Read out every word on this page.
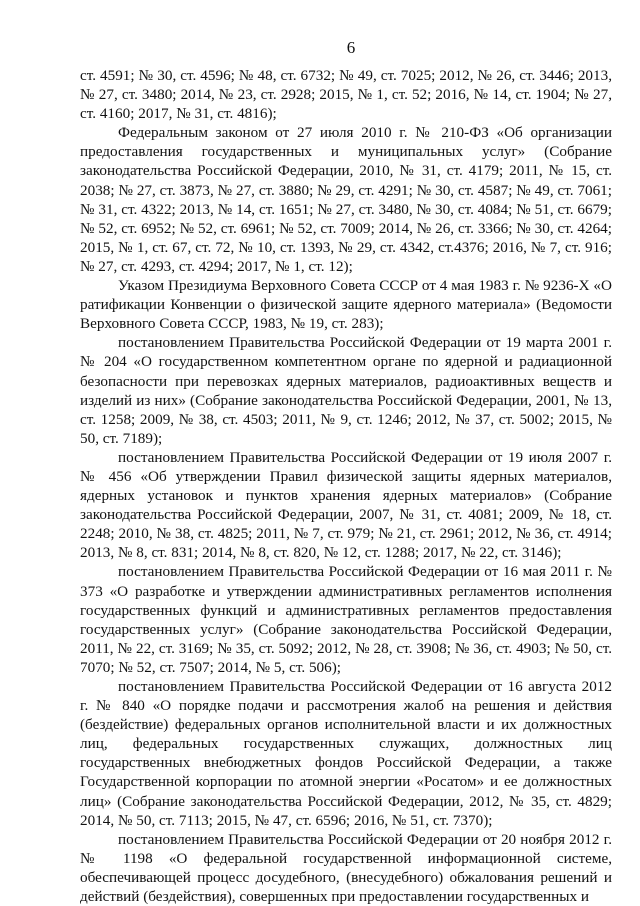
6

ст. 4591; № 30, ст. 4596; № 48, ст. 6732; № 49, ст. 7025; 2012, № 26, ст. 3446; 2013, № 27, ст. 3480; 2014, № 23, ст. 2928; 2015, № 1, ст. 52; 2016, № 14, ст. 1904; № 27, ст. 4160; 2017, № 31, ст. 4816);

Федеральным законом от 27 июля 2010 г. № 210-ФЗ «Об организации предоставления государственных и муниципальных услуг» (Собрание законодательства Российской Федерации, 2010, № 31, ст. 4179; 2011, № 15, ст. 2038; № 27, ст. 3873, № 27, ст. 3880; № 29, ст. 4291; № 30, ст. 4587; № 49, ст. 7061; № 31, ст. 4322; 2013, № 14, ст. 1651; № 27, ст. 3480, № 30, ст. 4084; № 51, ст. 6679; № 52, ст. 6952; № 52, ст. 6961; № 52, ст. 7009; 2014, № 26, ст. 3366; № 30, ст. 4264; 2015, № 1, ст. 67, ст. 72, № 10, ст. 1393, № 29, ст. 4342, ст.4376; 2016, № 7, ст. 916; № 27, ст. 4293, ст. 4294; 2017, № 1, ст. 12);

Указом Президиума Верховного Совета СССР от 4 мая 1983 г. № 9236-X «О ратификации Конвенции о физической защите ядерного материала» (Ведомости Верховного Совета СССР, 1983, № 19, ст. 283);

постановлением Правительства Российской Федерации от 19 марта 2001 г. № 204 «О государственном компетентном органе по ядерной и радиационной безопасности при перевозках ядерных материалов, радиоактивных веществ и изделий из них» (Собрание законодательства Российской Федерации, 2001, № 13, ст. 1258; 2009, № 38, ст. 4503; 2011, № 9, ст. 1246; 2012, № 37, ст. 5002; 2015, № 50, ст. 7189);

постановлением Правительства Российской Федерации от 19 июля 2007 г. № 456 «Об утверждении Правил физической защиты ядерных материалов, ядерных установок и пунктов хранения ядерных материалов» (Собрание законодательства Российской Федерации, 2007, № 31, ст. 4081; 2009, № 18, ст. 2248; 2010, № 38, ст. 4825; 2011, № 7, ст. 979; № 21, ст. 2961; 2012, № 36, ст. 4914; 2013, № 8, ст. 831; 2014, № 8, ст. 820, № 12, ст. 1288; 2017, № 22, ст. 3146);

постановлением Правительства Российской Федерации от 16 мая 2011 г. № 373 «О разработке и утверждении административных регламентов исполнения государственных функций и административных регламентов предоставления государственных услуг» (Собрание законодательства Российской Федерации, 2011, № 22, ст. 3169; № 35, ст. 5092; 2012, № 28, ст. 3908; № 36, ст. 4903; № 50, ст. 7070; № 52, ст. 7507; 2014, № 5, ст. 506);

постановлением Правительства Российской Федерации от 16 августа 2012 г. № 840 «О порядке подачи и рассмотрения жалоб на решения и действия (бездействие) федеральных органов исполнительной власти и их должностных лиц, федеральных государственных служащих, должностных лиц государственных внебюджетных фондов Российской Федерации, а также Государственной корпорации по атомной энергии «Росатом» и ее должностных лиц» (Собрание законодательства Российской Федерации, 2012, № 35, ст. 4829; 2014, № 50, ст. 7113; 2015, № 47, ст. 6596; 2016, № 51, ст. 7370);

постановлением Правительства Российской Федерации от 20 ноября 2012 г. № 1198 «О федеральной государственной информационной системе, обеспечивающей процесс досудебного, (внесудебного) обжалования решений и действий (бездействия), совершенных при предоставлении государственных и
